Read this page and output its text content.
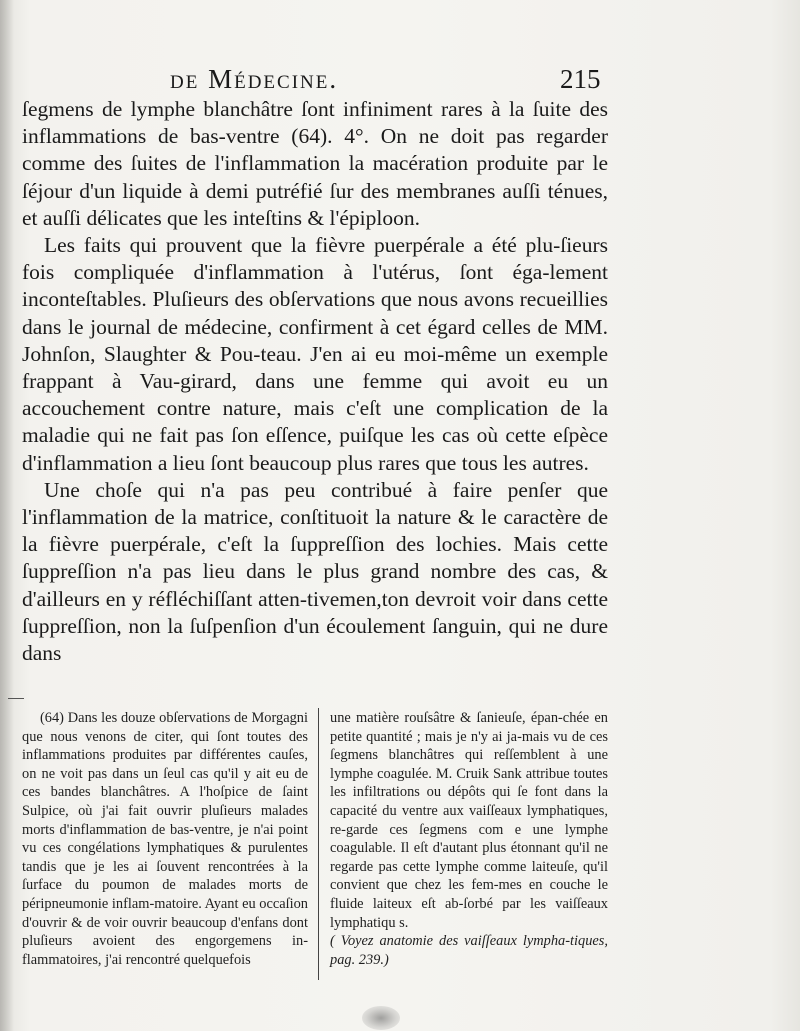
de Médecine.	215

ſegmens de lymphe blanchâtre ſont infiniment rares à la ſuite des inflammations de bas-ventre (64). 4°. On ne doit pas regarder comme des ſuites de l'inflammation la macération produite par le ſéjour d'un liquide à demi putréfié ſur des membranes auſſi ténues, et auſſi délicates que les inteſtins & l'épiploon.

Les faits qui prouvent que la fièvre puerpérale a été plu-ſieurs fois compliquée d'inflammation à l'utérus, ſont éga-lement inconteſtables. Pluſieurs des obſervations que nous avons recueillies dans le journal de médecine, confirment à cet égard celles de MM. Johnſon, Slaughter & Pou-teau. J'en ai eu moi-même un exemple frappant à Vau-girard, dans une femme qui avoit eu un accouchement contre nature, mais c'eſt une complication de la maladie qui ne fait pas ſon eſſence, puiſque les cas où cette eſpèce d'inflammation a lieu ſont beaucoup plus rares que tous les autres.

Une choſe qui n'a pas peu contribué à faire penſer que l'inflammation de la matrice, conſtituoit la nature & le caractère de la fièvre puerpérale, c'eſt la ſuppreſſion des lochies. Mais cette ſuppreſſion n'a pas lieu dans le plus grand nombre des cas, & d'ailleurs en y réfléchiſſant atten-tivemen,ton devroit voir dans cette ſuppreſſion, non la ſuſpenſion d'un écoulement ſanguin, qui ne dure dans

(64) Dans les douze obſervations de Morgagni que nous venons de citer, qui ſont toutes des inflammations produites par différentes cauſes, on ne voit pas dans un ſeul cas qu'il y ait eu de ces bandes blanchâtres. A l'hoſpice de ſaint Sulpice, où j'ai fait ouvrir pluſieurs malades morts d'inflammation de bas-ventre, je n'ai point vu ces congélations lymphatiques & purulentes tandis que je les ai ſouvent rencontrées à la ſurface du poumon de malades morts de péripneumonie inflam-matoire. Ayant eu occaſion d'ouvrir & de voir ouvrir beaucoup d'enfans dont pluſieurs avoient des engorgemens in-flammatoires, j'ai rencontré quelquefois

une matière rouſsâtre & ſanieuſe, épan-chée en petite quantité ; mais je n'y ai ja-mais vu de ces ſegmens blanchâtres qui reſſemblent à une lymphe coagulée. M. Cruik Sank attribue toutes les infiltrations ou dépôts qui ſe font dans la capacité du ventre aux vaiſſeaux lymphatiques, re-garde ces ſegmens com e une lymphe coagulable. Il eſt d'autant plus étonnant qu'il ne regarde pas cette lymphe comme laiteuſe, qu'il convient que chez les fem-mes en couche le fluide laiteux eſt ab-ſorbé par les vaiſſeaux lymphatiqu s.

( Voyez anatomie des vaiſſeaux lympha-tiques, pag. 239.)
